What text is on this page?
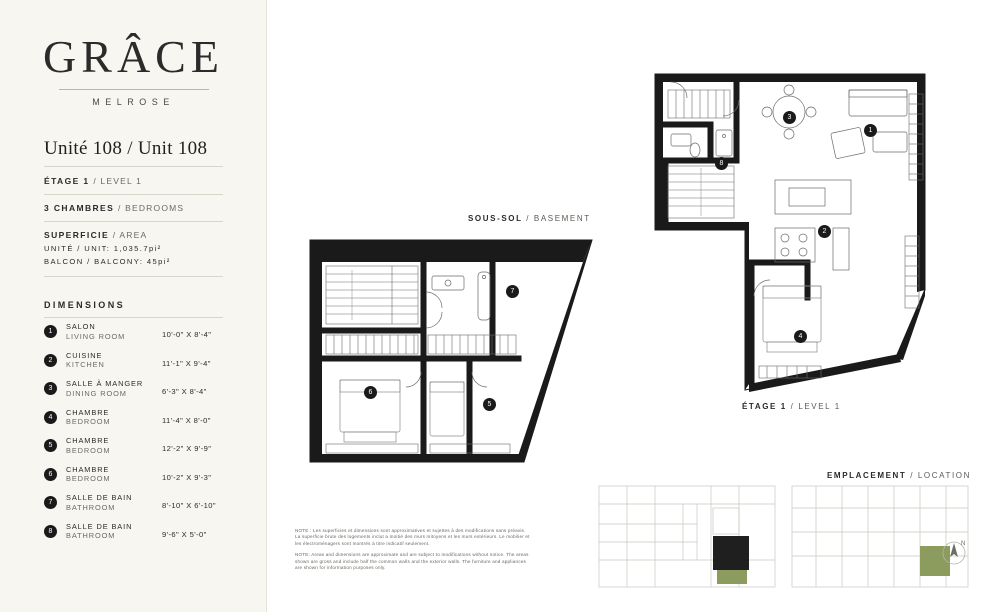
GRÂCE
MELROSE
Unité 108 / Unit 108
ÉTAGE 1 / LEVEL 1
3 CHAMBRES / BEDROOMS
SUPERFICIE / AREA
UNITÉ / UNIT: 1,035.7pi²
BALCON / BALCONY: 45pi²
DIMENSIONS
1
SALON
LIVING ROOM	10'-0" X 8'-4"
2
CUISINE
KITCHEN	11'-1" X 9'-4"
3
SALLE À MANGER
DINING ROOM	6'-3" X 8'-4"
4
CHAMBRE
BEDROOM	11'-4" X 8'-0"
5
CHAMBRE
BEDROOM	12'-2" X 9'-9"
6
CHAMBRE
BEDROOM	10'-2" X 9'-3"
7
SALLE DE BAIN
BATHROOM	8'-10" X 6'-10"
8
SALLE DE BAIN
BATHROOM	9'-6" X 5'-0"
SOUS-SOL / BASEMENT
ÉTAGE 1 / LEVEL 1
EMPLACEMENT / LOCATION
6
5
7
1
2
3
4
8
N

NOTE : Les superficies et dimensions sont approximatives et sujettes à des modifications sans préavis. La superficie brute des logements inclut a moitié des murs mitoyens et les murs extérieurs. Le mobilier et les électroménagers sont montrés à titre indicatif seulement.

NOTE: Areas and dimensions are approximate and are subject to modifications without notice. The areas shown are gross and include half the common walls and the exterior walls. The furniture and appliances are shown for information purposes only.
